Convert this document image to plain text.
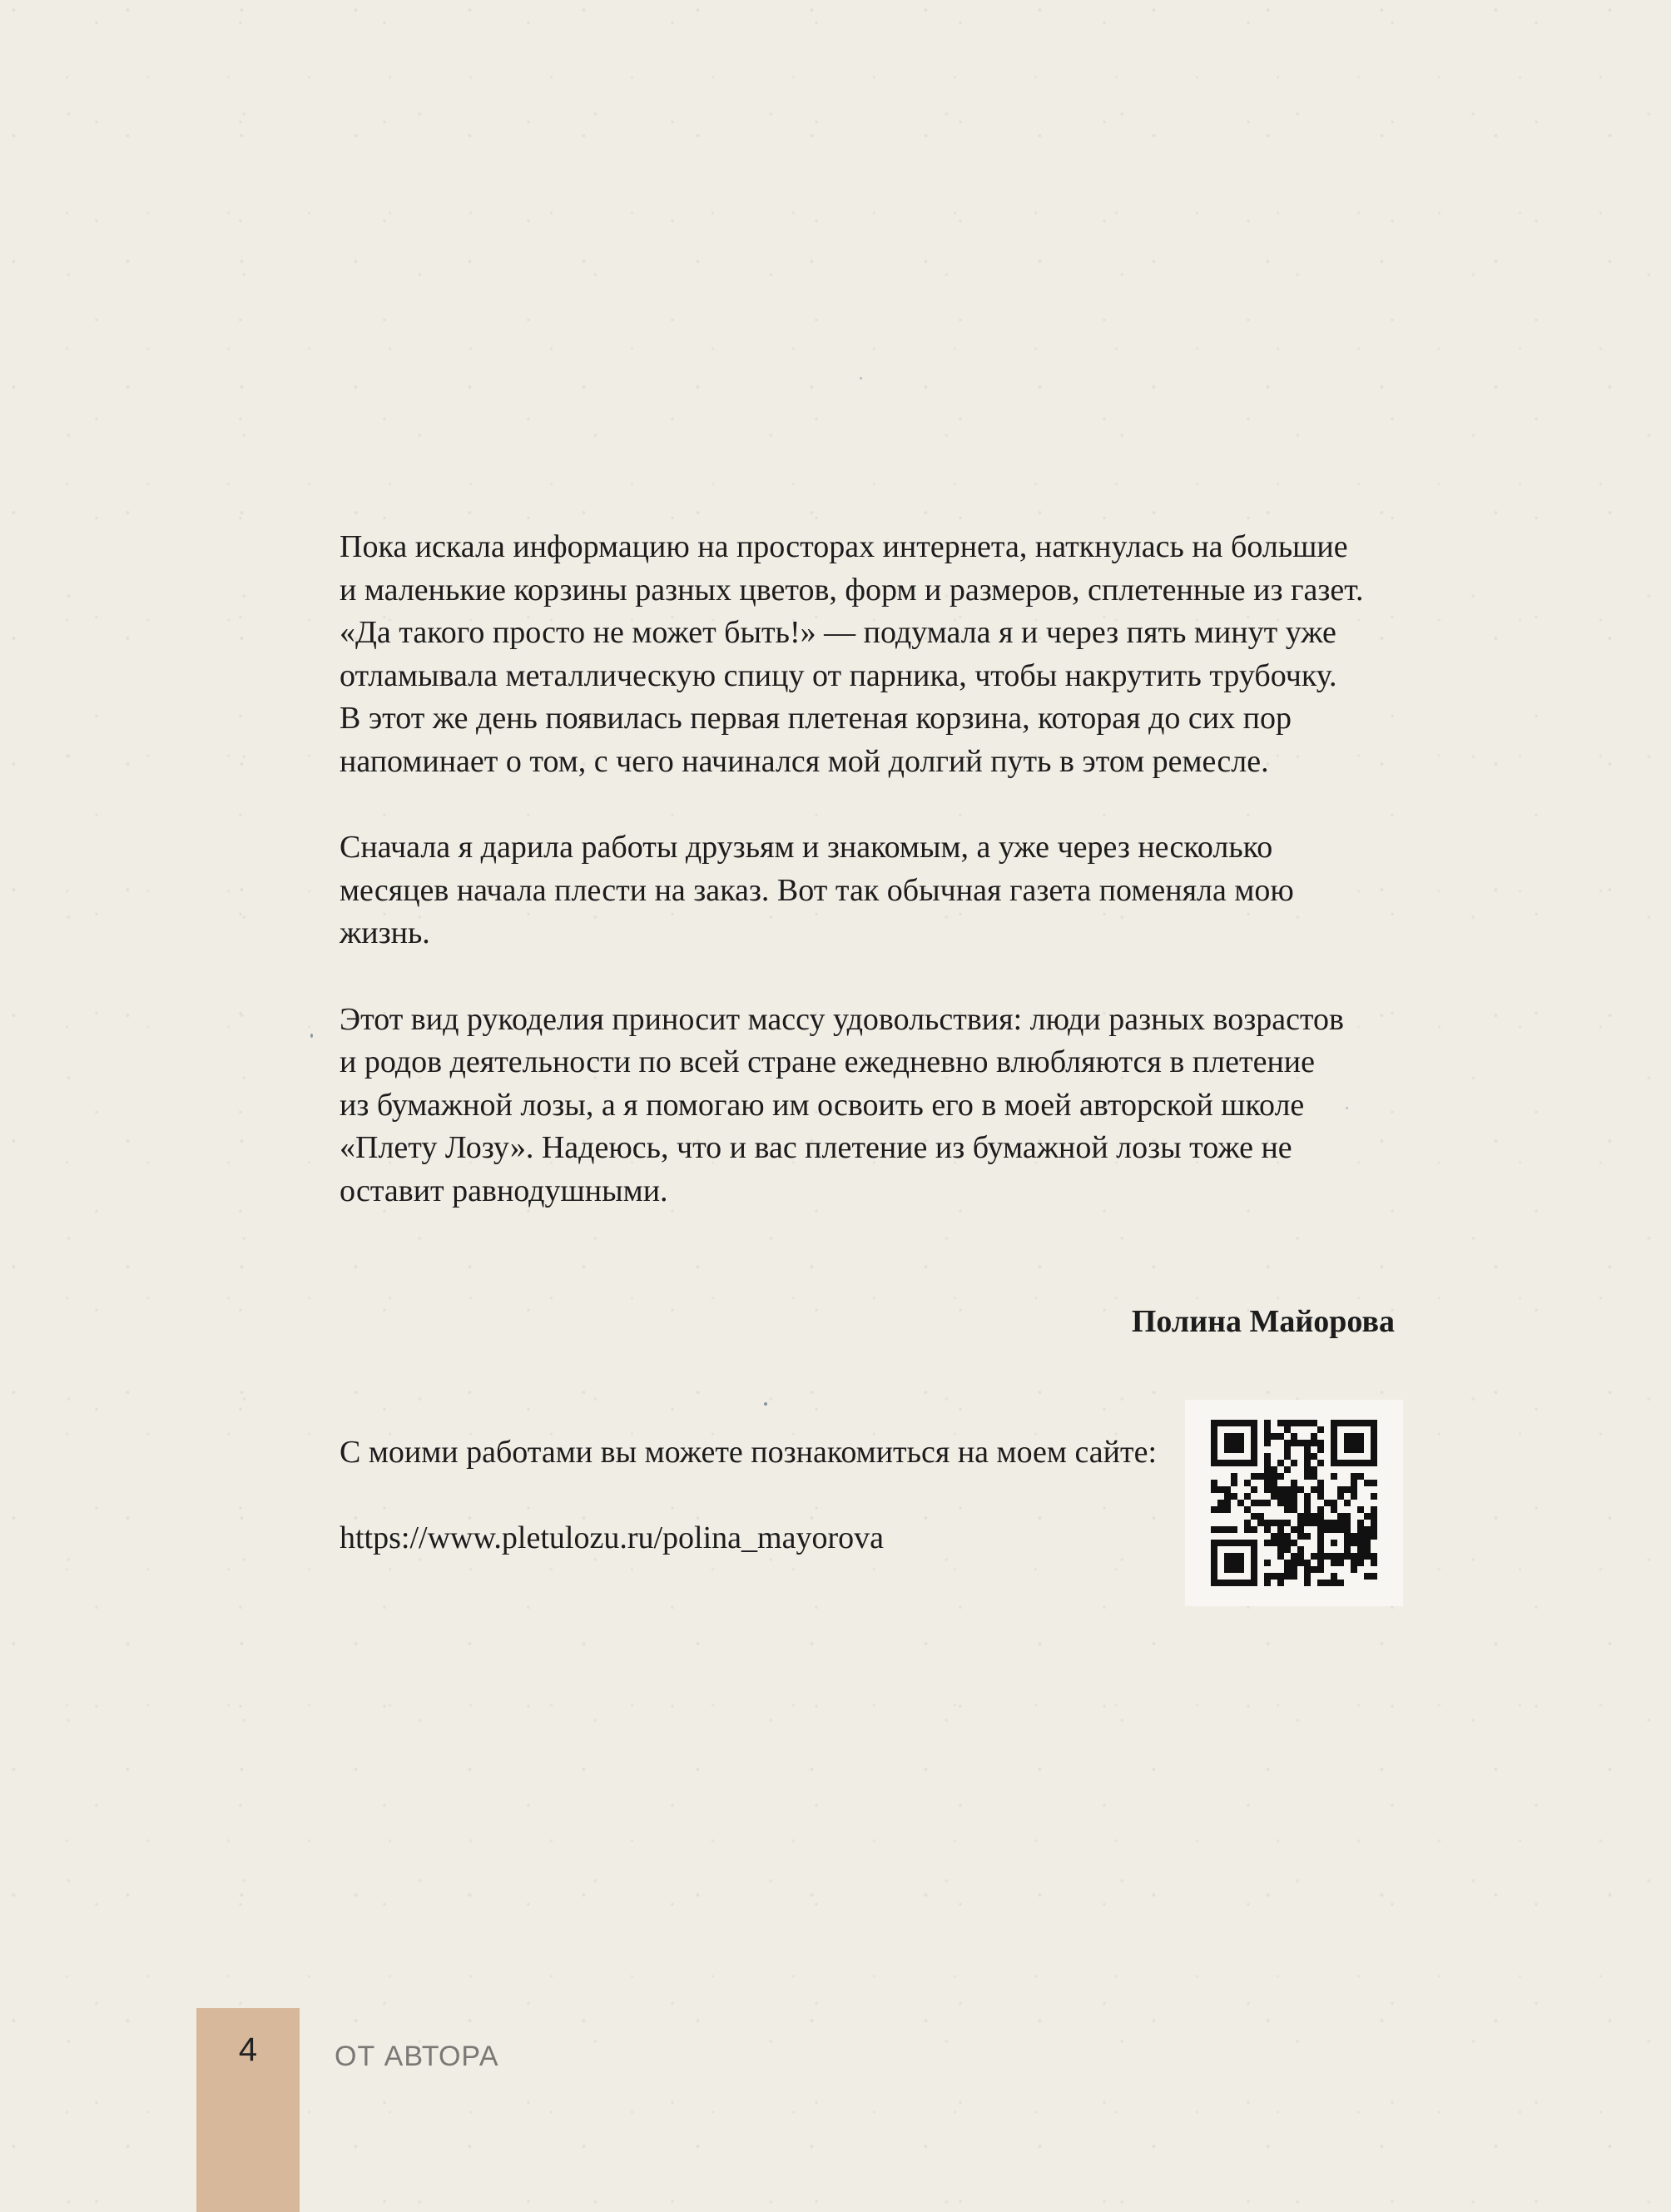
Пока искала информацию на просторах интернета, наткнулась на большие
и маленькие корзины разных цветов, форм и размеров, сплетенные из газет.
«Да такого просто не может быть!» — подумала я и через пять минут уже
отламывала металлическую спицу от парника, чтобы накрутить трубочку.
В этот же день появилась первая плетеная корзина, которая до сих пор
напоминает о том, с чего начинался мой долгий путь в этом ремесле.

Сначала я дарила работы друзьям и знакомым, а уже через несколько
месяцев начала плести на заказ. Вот так обычная газета поменяла мою
жизнь.

Этот вид рукоделия приносит массу удовольствия: люди разных возрастов
и родов деятельности по всей стране ежедневно влюбляются в плетение
из бумажной лозы, а я помогаю им освоить его в моей авторской школе
«Плету Лозу». Надеюсь, что и вас плетение из бумажной лозы тоже не
оставит равнодушными.

Полина Майорова
С моими работами вы можете познакомиться на моем сайте:
https://www.pletulozu.ru/polina_mayorova
4	ОТ АВТОРА
